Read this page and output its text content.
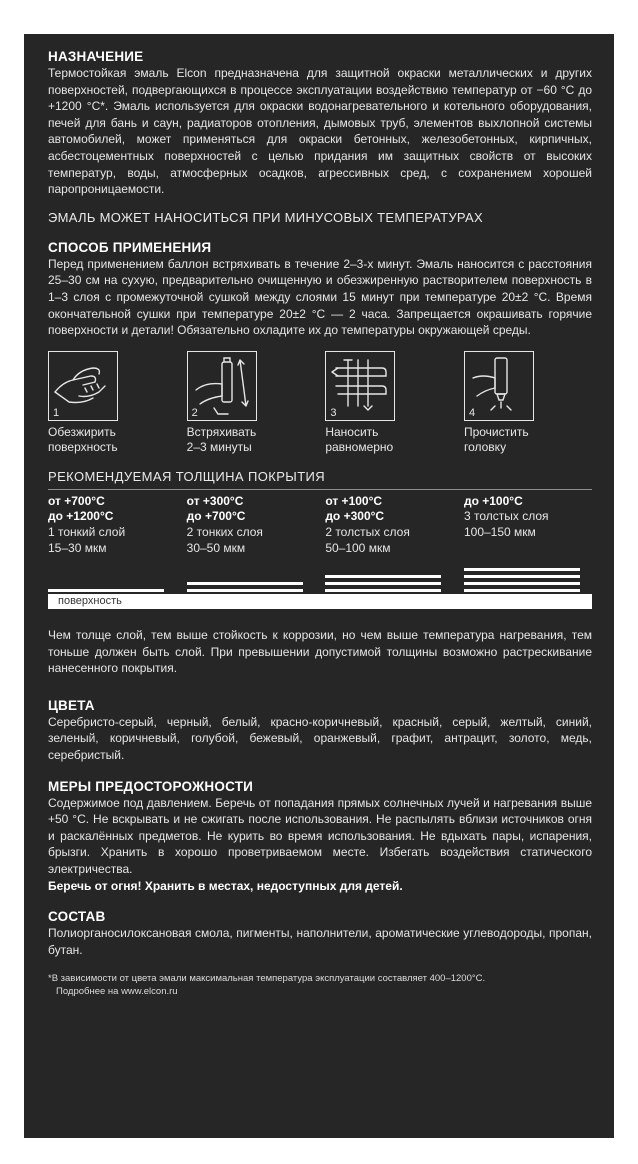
НАЗНАЧЕНИЕ

Термостойкая эмаль Elcon предназначена для защитной окраски металлических и других поверхностей, подвергающихся в процессе эксплуатации воздействию температур от −60 °С до +1200 °С*. Эмаль используется для окраски водонагревательного и котельного оборудования, печей для бань и саун, радиаторов отопления, дымовых труб, элементов выхлопной системы автомобилей, может применяться для окраски бетонных, железобетонных, кирпичных, асбестоцементных поверхностей с целью придания им защитных свойств от высоких температур, воды, атмосферных осадков, агрессивных сред, с сохранением хорошей паропроницаемости.

ЭМАЛЬ МОЖЕТ НАНОСИТЬСЯ ПРИ МИНУСОВЫХ ТЕМПЕРАТУРАХ
СПОСОБ ПРИМЕНЕНИЯ

Перед применением баллон встряхивать в течение 2–3-х минут. Эмаль наносится с расстояния 25–30 см на сухую, предварительно очищенную и обезжиренную растворителем поверхность в 1–3 слоя с промежуточной сушкой между слоями 15 минут при температуре 20±2 °С. Время окончательной сушки при температуре 20±2 °С — 2 часа. Запрещается окрашивать горячие поверхности и детали! Обязательно охладите их до температуры окружающей среды.

1
Обезжирить
поверхность
2
Встряхивать
2–3 минуты
3
Наносить
равномерно
4
Прочистить
головку
РЕКОМЕНДУЕМАЯ ТОЛЩИНА ПОКРЫТИЯ
от +700°С
до +1200°С
1 тонкий слой
15–30 мкм
от +300°С
до +700°С
2 тонких слоя
30–50 мкм
от +100°С
до +300°С
2 толстых слоя
50–100 мкм
до +100°С
3 толстых слоя
100–150 мкм
поверхность

Чем толще слой, тем выше стойкость к коррозии, но чем выше температура нагревания, тем тоньше должен быть слой. При превышении допустимой толщины возможно растрескивание нанесенного покрытия.

ЦВЕТА

Серебристо-серый, черный, белый, красно-коричневый, красный, серый, желтый, синий, зеленый, коричневый, голубой, бежевый, оранжевый, графит, антрацит, золото, медь, серебристый.

МЕРЫ ПРЕДОСТОРОЖНОСТИ

Содержимое под давлением. Беречь от попадания прямых солнечных лучей и нагревания выше +50 °С. Не вскрывать и не сжигать после использования. Не распылять вблизи источников огня и раскалённых предметов. Не курить во время использования. Не вдыхать пары, испарения, брызги. Хранить в хорошо проветриваемом месте. Избегать воздействия статического электричества.

Беречь от огня! Хранить в местах, недоступных для детей.

СОСТАВ

Полиорганосилоксановая смола, пигменты, наполнители, ароматические углеводороды, пропан, бутан.

*В зависимости от цвета эмали максимальная температура эксплуатации составляет 400–1200°С.
Подробнее на www.elcon.ru
